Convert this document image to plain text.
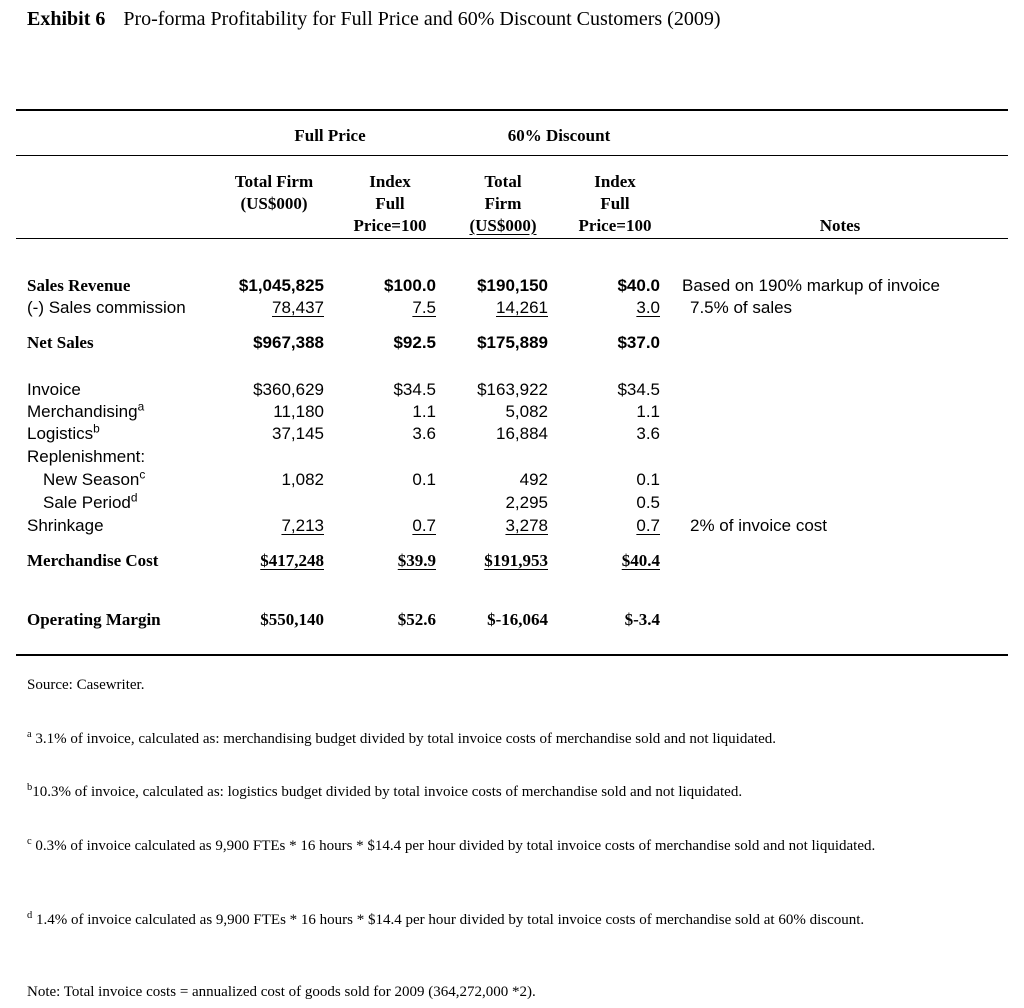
Exhibit 6 Pro-forma Profitability for Full Price and 60% Discount Customers (2009)
Full Price	60% Discount
Total Firm
(US$000)
Index
Full
Price=100
Total
Firm
(US$000)
Index
Full
Price=100	Notes
Sales Revenue
(-) Sales commission
Net Sales
Invoice
Merchandising$^a$
Logistics$^b$
Replenishment:
New Season$^c$
Sale Period$^d$
Shrinkage
Merchandise Cost
Operating Margin
$1,045,825
78,437
$967,388
$360,629
11,180
37,145
1,082
7,213
$417,248
$550,140
$100.0
7.5
$92.5
$34.5
1.1
3.6
0.1
0.7
$39.9
$52.6
$190,150
14,261
$175,889
$163,922
5,082
16,884
492
2,295
3,278
$191,953
$-16,064
$40.0
3.0
$37.0
$34.5
1.1
3.6
0.1
0.5
0.7
$40.4
$-3.4
Based on 190% markup of invoice
7.5% of sales
2% of invoice cost
Source: Casewriter.
$^a$ 3.1% of invoice, calculated as: merchandising budget divided by total invoice costs of merchandise sold and not liquidated.
$^b$10.3% of invoice, calculated as: logistics budget divided by total invoice costs of merchandise sold and not liquidated.
$^c$ 0.3% of invoice calculated as 9,900 FTEs * 16 hours * $14.4 per hour divided by total invoice costs of merchandise sold and not liquidated.
$^d$ 1.4% of invoice calculated as 9,900 FTEs * 16 hours * $14.4 per hour divided by total invoice costs of merchandise sold at 60% discount.
Note: Total invoice costs = annualized cost of goods sold for 2009 (364,272,000 *2).
